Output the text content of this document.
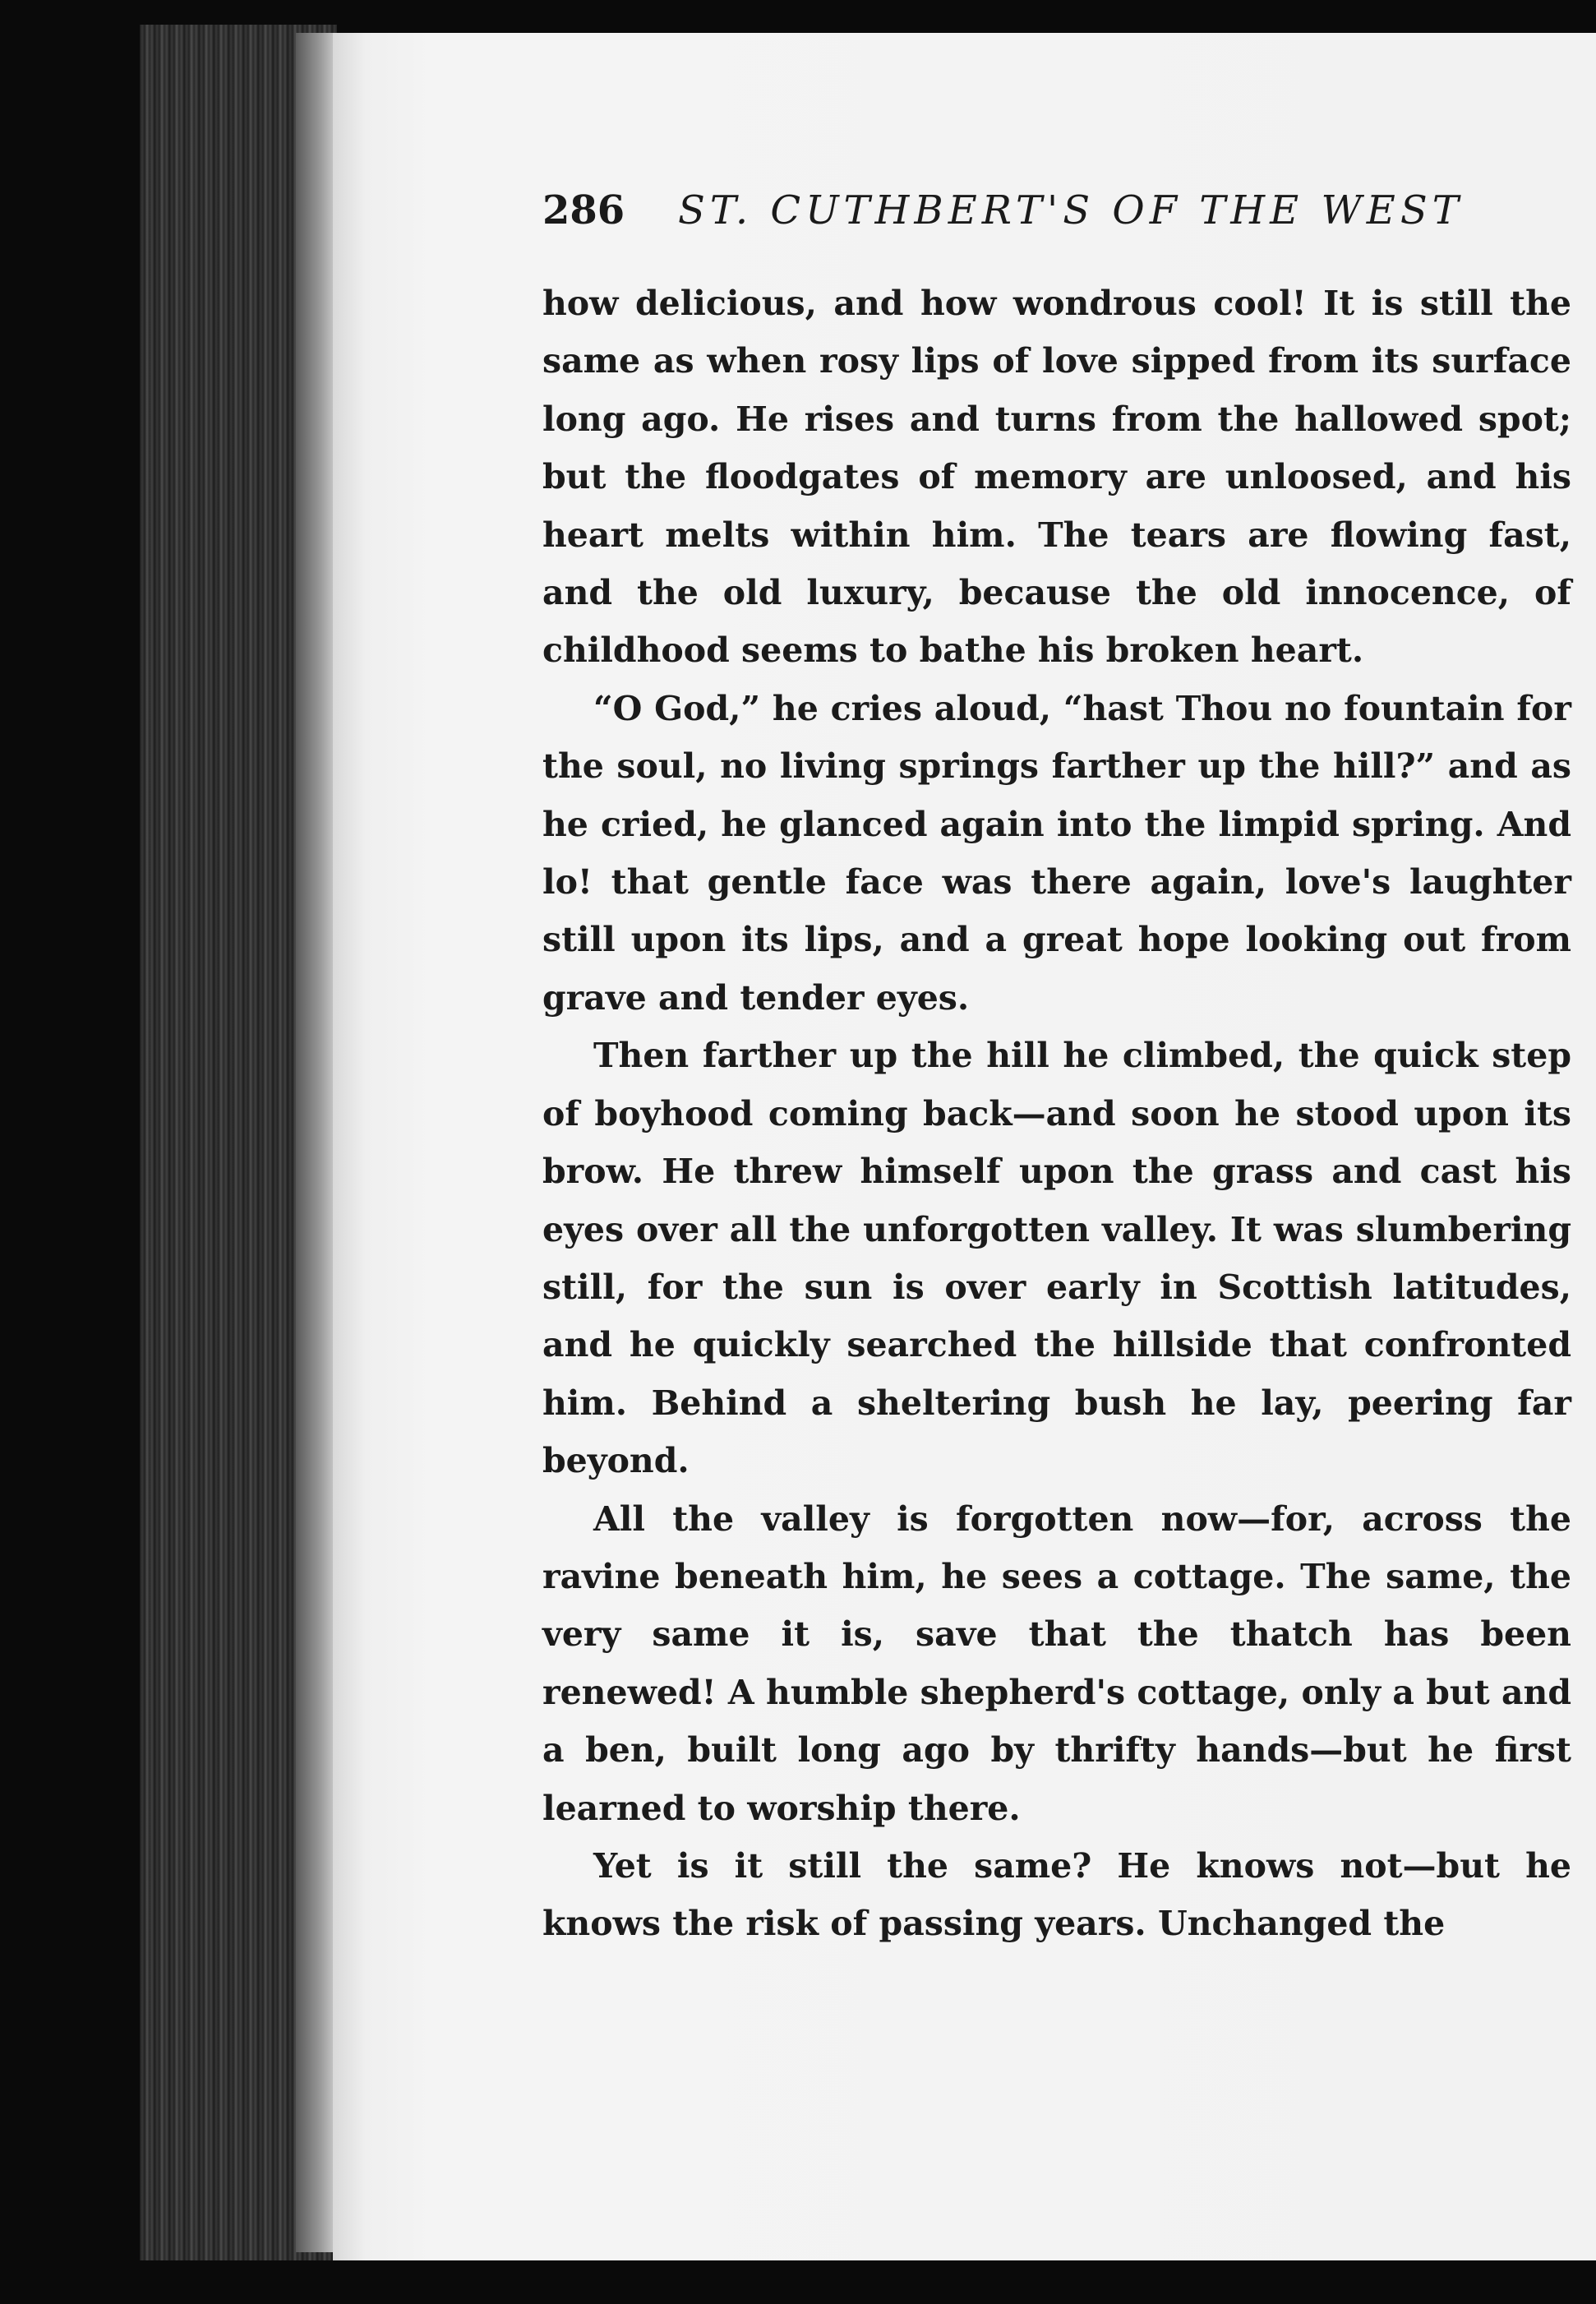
286 ST. CUTHBERT'S OF THE WEST

how delicious, and how wondrous cool! It is still the same as when rosy lips of love sipped from its surface long ago. He rises and turns from the hallowed spot; but the floodgates of memory are unloosed, and his heart melts within him. The tears are flowing fast, and the old luxury, because the old innocence, of childhood seems to bathe his broken heart.

“O God,” he cries aloud, “hast Thou no fountain for the soul, no living springs farther up the hill?” and as he cried, he glanced again into the limpid spring. And lo! that gentle face was there again, love's laughter still upon its lips, and a great hope looking out from grave and tender eyes.

Then farther up the hill he climbed, the quick step of boyhood coming back—and soon he stood upon its brow. He threw himself upon the grass and cast his eyes over all the unforgotten valley. It was slumbering still, for the sun is over early in Scottish latitudes, and he quickly searched the hillside that confronted him. Behind a sheltering bush he lay, peering far beyond.

All the valley is forgotten now—for, across the ravine beneath him, he sees a cottage. The same, the very same it is, save that the thatch has been renewed! A humble shepherd's cottage, only a but and a ben, built long ago by thrifty hands—but he first learned to worship there.

Yet is it still the same? He knows not—but he knows the risk of passing years. Unchanged the
